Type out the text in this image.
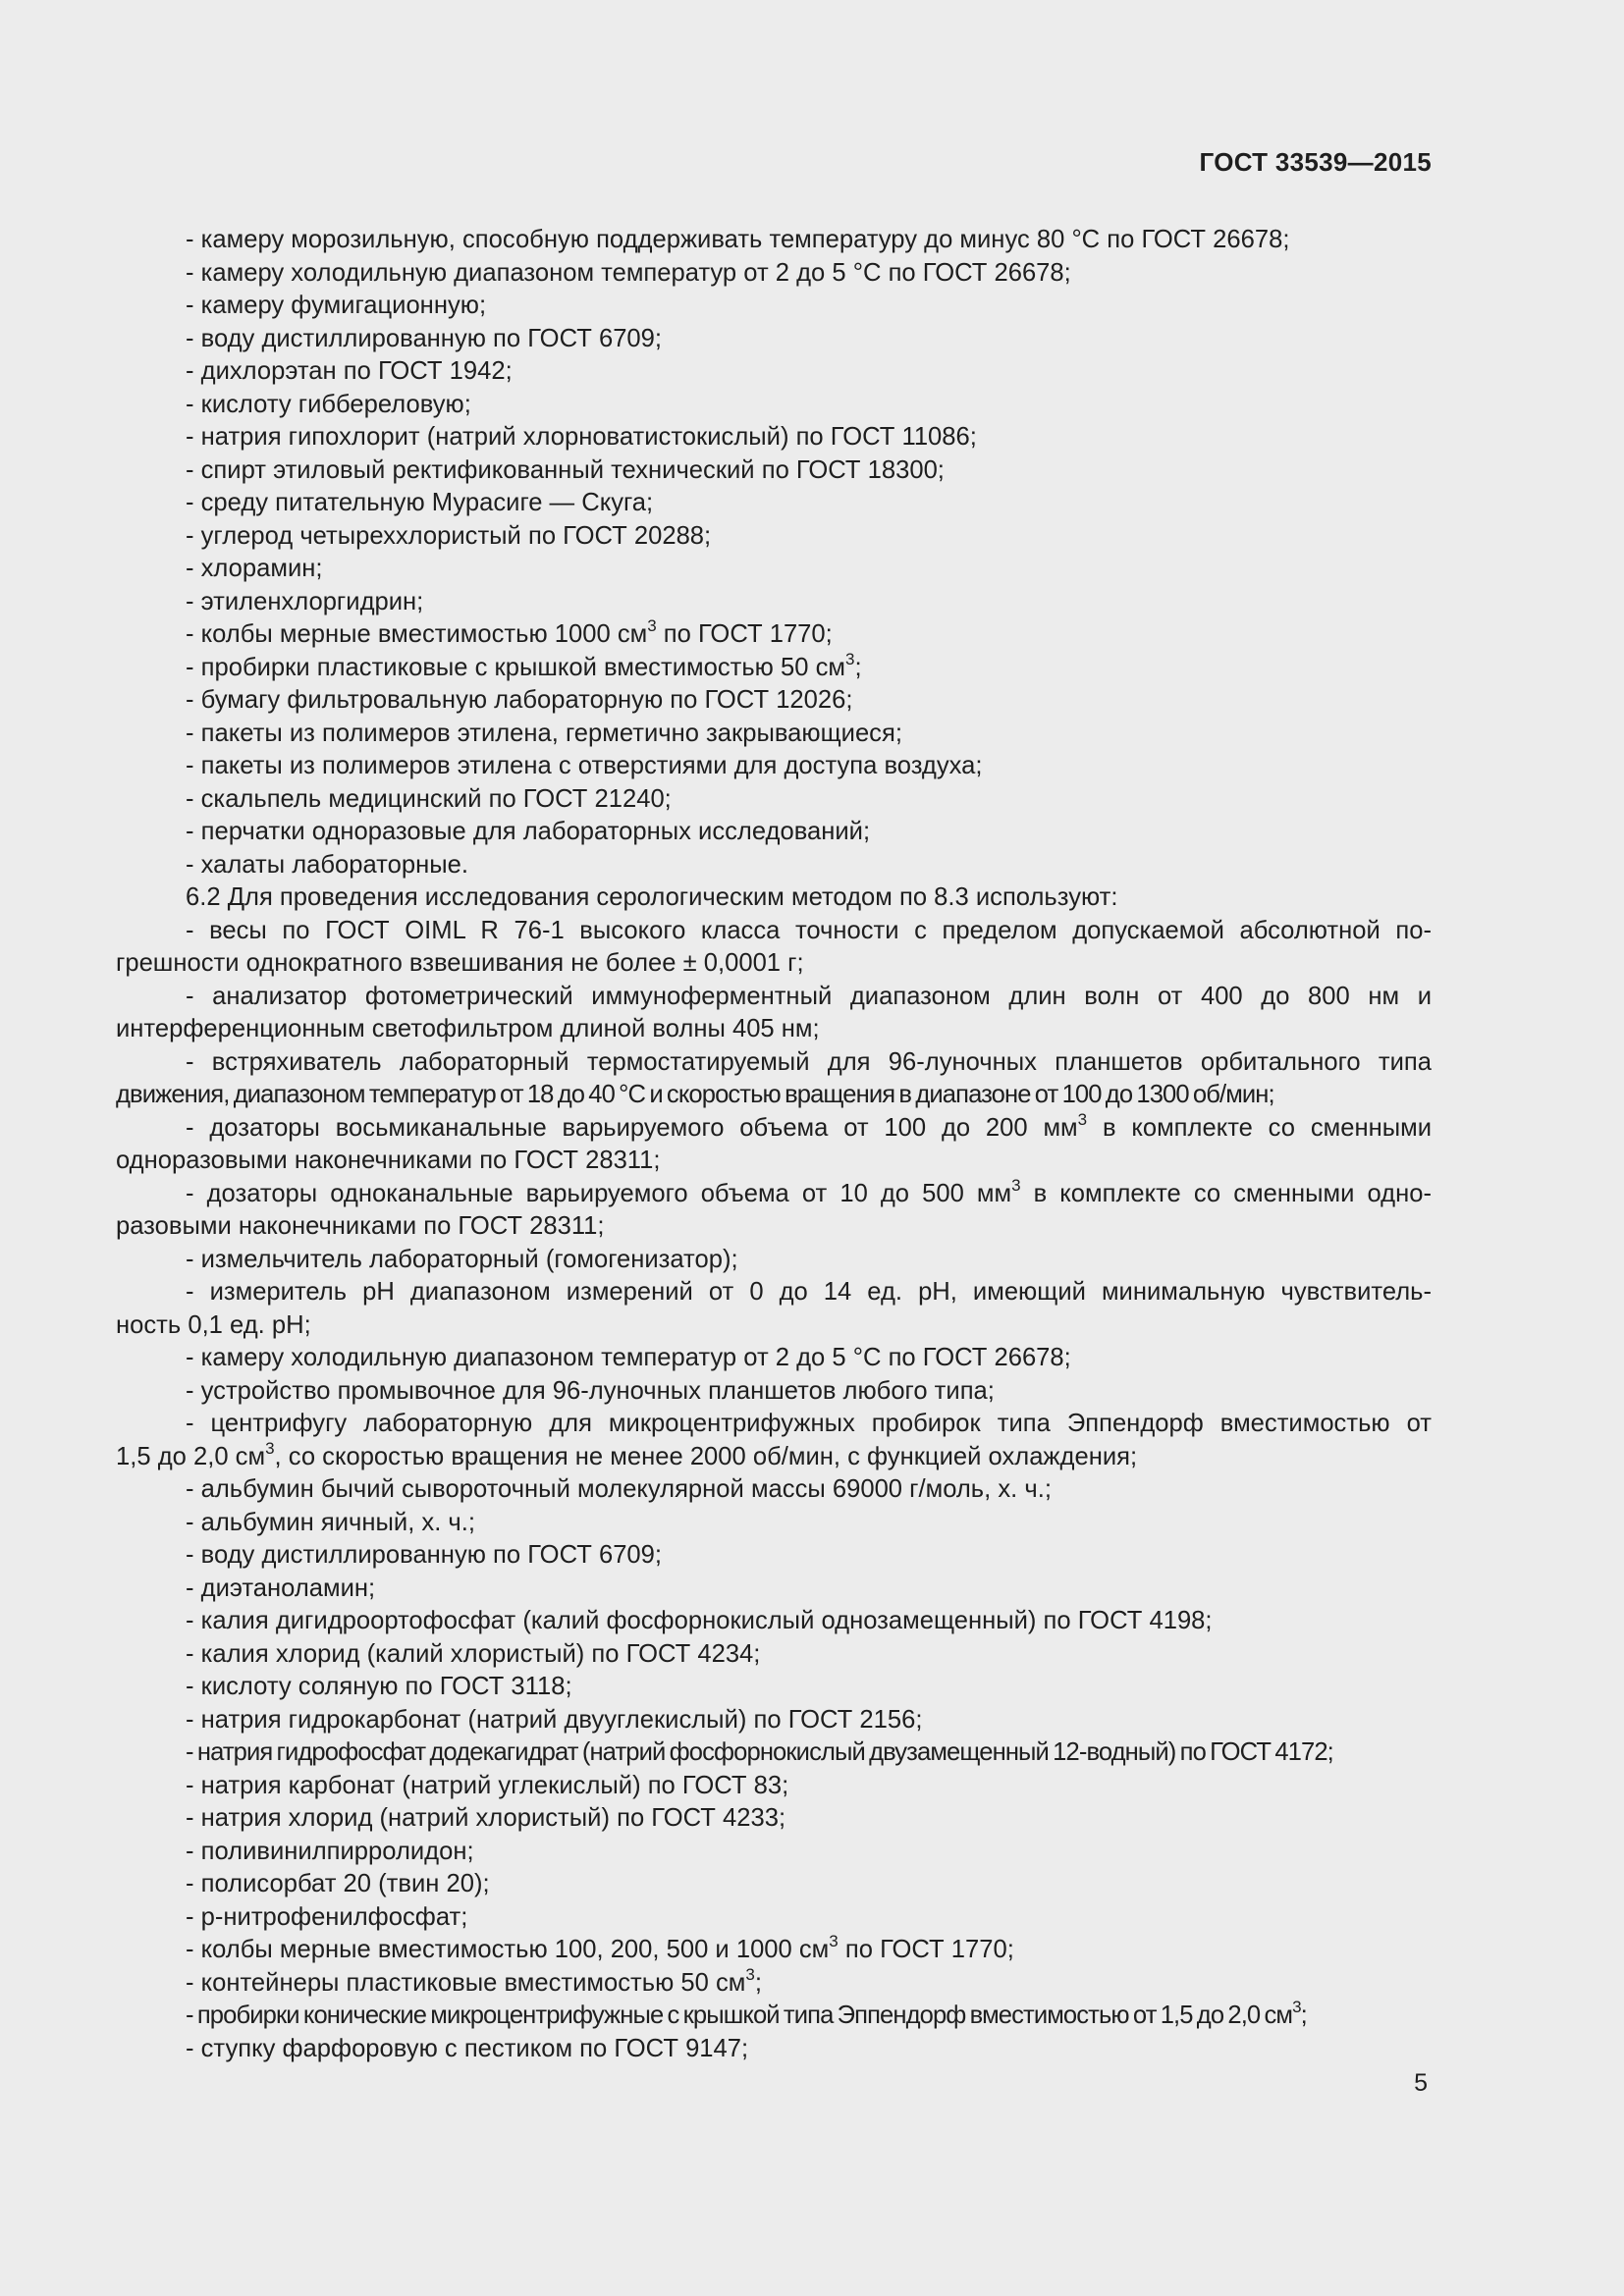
ГОСТ 33539—2015

- камеру морозильную, способную поддерживать температуру до минус 80 °С по ГОСТ 26678;

- камеру холодильную диапазоном температур от 2 до 5 °С по ГОСТ 26678;

- камеру фумигационную;

- воду дистиллированную по ГОСТ 6709;

- дихлорэтан по ГОСТ 1942;

- кислоту гиббереловую;

- натрия гипохлорит (натрий хлорноватистокислый) по ГОСТ 11086;

- спирт этиловый ректификованный технический по ГОСТ 18300;

- среду питательную Мурасиге — Скуга;

- углерод четыреххлористый по ГОСТ 20288;

- хлорамин;

- этиленхлоргидрин;

- колбы мерные вместимостью 1000 $см^3$ по ГОСТ 1770;

- пробирки пластиковые с крышкой вместимостью 50 $см^3$;

- бумагу фильтровальную лабораторную по ГОСТ 12026;

- пакеты из полимеров этилена, герметично закрывающиеся;

- пакеты из полимеров этилена с отверстиями для доступа воздуха;

- скальпель медицинский по ГОСТ 21240;

- перчатки одноразовые для лабораторных исследований;

- халаты лабораторные.

6.2 Для проведения исследования серологическим методом по 8.3 используют:

- весы по ГОСТ OIML R 76-1 высокого класса точности с пределом допускаемой абсолютной по-

грешности однократного взвешивания не более ± 0,0001 г;

- анализатор фотометрический иммуноферментный диапазоном длин волн от 400 до 800 нм и

интерференционным светофильтром длиной волны 405 нм;

- встряхиватель лабораторный термостатируемый для 96-луночных планшетов орбитального типа

движения, диапазоном температур от 18 до 40 °С и скоростью вращения в диапазоне от 100 до 1300 об/мин;

- дозаторы восьмиканальные варьируемого объема от 100 до 200 $мм^3$ в комплекте со сменными

одноразовыми наконечниками по ГОСТ 28311;

- дозаторы одноканальные варьируемого объема от 10 до 500 $мм^3$ в комплекте со сменными одно-

разовыми наконечниками по ГОСТ 28311;

- измельчитель лабораторный (гомогенизатор);

- измеритель рН диапазоном измерений от 0 до 14 ед. рН, имеющий минимальную чувствитель-

ность 0,1 ед. рН;

- камеру холодильную диапазоном температур от 2 до 5 °С по ГОСТ 26678;

- устройство промывочное для 96-луночных планшетов любого типа;

- центрифугу лабораторную для микроцентрифужных пробирок типа Эппендорф вместимостью от

1,5 до 2,0 $см^3$, со скоростью вращения не менее 2000 об/мин, с функцией охлаждения;

- альбумин бычий сывороточный молекулярной массы 69000 г/моль, х. ч.;

- альбумин яичный, х. ч.;

- воду дистиллированную по ГОСТ 6709;

- диэтаноламин;

- калия дигидроортофосфат (калий фосфорнокислый однозамещенный) по ГОСТ 4198;

- калия хлорид (калий хлористый) по ГОСТ 4234;

- кислоту соляную по ГОСТ 3118;

- натрия гидрокарбонат (натрий двууглекислый) по ГОСТ 2156;

- натрия гидрофосфат додекагидрат (натрий фосфорнокислый двузамещенный 12-водный) по ГОСТ 4172;

- натрия карбонат (натрий углекислый) по ГОСТ 83;

- натрия хлорид (натрий хлористый) по ГОСТ 4233;

- поливинилпирролидон;

- полисорбат 20 (твин 20);

- р-нитрофенилфосфат;

- колбы мерные вместимостью 100, 200, 500 и 1000 $см^3$ по ГОСТ 1770;

- контейнеры пластиковые вместимостью 50 $см^3$;

- пробирки конические микроцентрифужные с крышкой типа Эппендорф вместимостью от 1,5 до 2,0 $см^3$;

- ступку фарфоровую с пестиком по ГОСТ 9147;

5
